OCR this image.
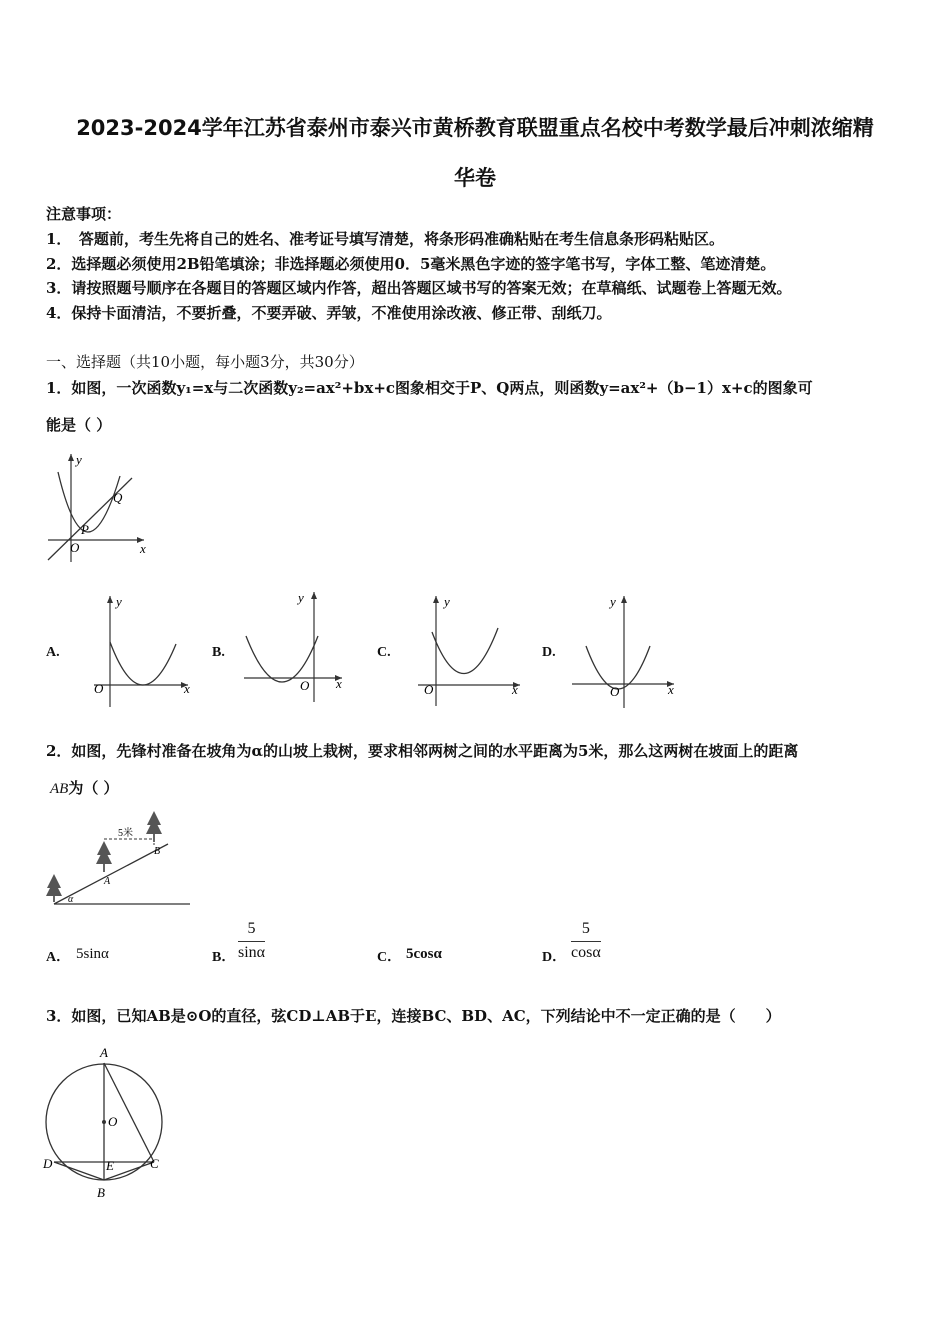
2023-2024学年江苏省泰州市泰兴市黄桥教育联盟重点名校中考数学最后冲刺浓缩精
华卷
注意事项：
1．　答题前，考生先将自己的姓名、准考证号填写清楚，将条形码准确粘贴在考生信息条形码粘贴区。
2．选择题必须使用2B铅笔填涂；非选择题必须使用0．5毫米黑色字迹的签字笔书写，字体工整、笔迹清楚。
3．请按照题号顺序在各题目的答题区域内作答，超出答题区域书写的答案无效；在草稿纸、试题卷上答题无效。
4．保持卡面清洁，不要折叠，不要弄破、弄皱，不准使用涂改液、修正带、刮纸刀。
一、选择题（共10小题，每小题3分，共30分）
1．如图，一次函数y₁=x与二次函数y₂=ax²+bx+c图象相交于P、Q两点，则函数y=ax²+（b−1）x+c的图象可
能是（ ）
y
x
O
P
Q
A.
y
x
O
B.
y
x
O
C.
y
x
O
D.
y
x
O
2．如图，先锋村准备在坡角为α的山坡上栽树，要求相邻两树之间的水平距离为5米，那么这两树在坡面上的距离
AB为（ ）
5米
A
B
α
A． 5sinα	B． $\frac{5}{\sin\alpha}$	C． 5cosα	D． $\frac{5}{\cos\alpha}$
3．如图，已知AB是⊙O的直径，弦CD⊥AB于E，连接BC、BD、AC，下列结论中不一定正确的是（　　）
A
B
C
D	E
O
